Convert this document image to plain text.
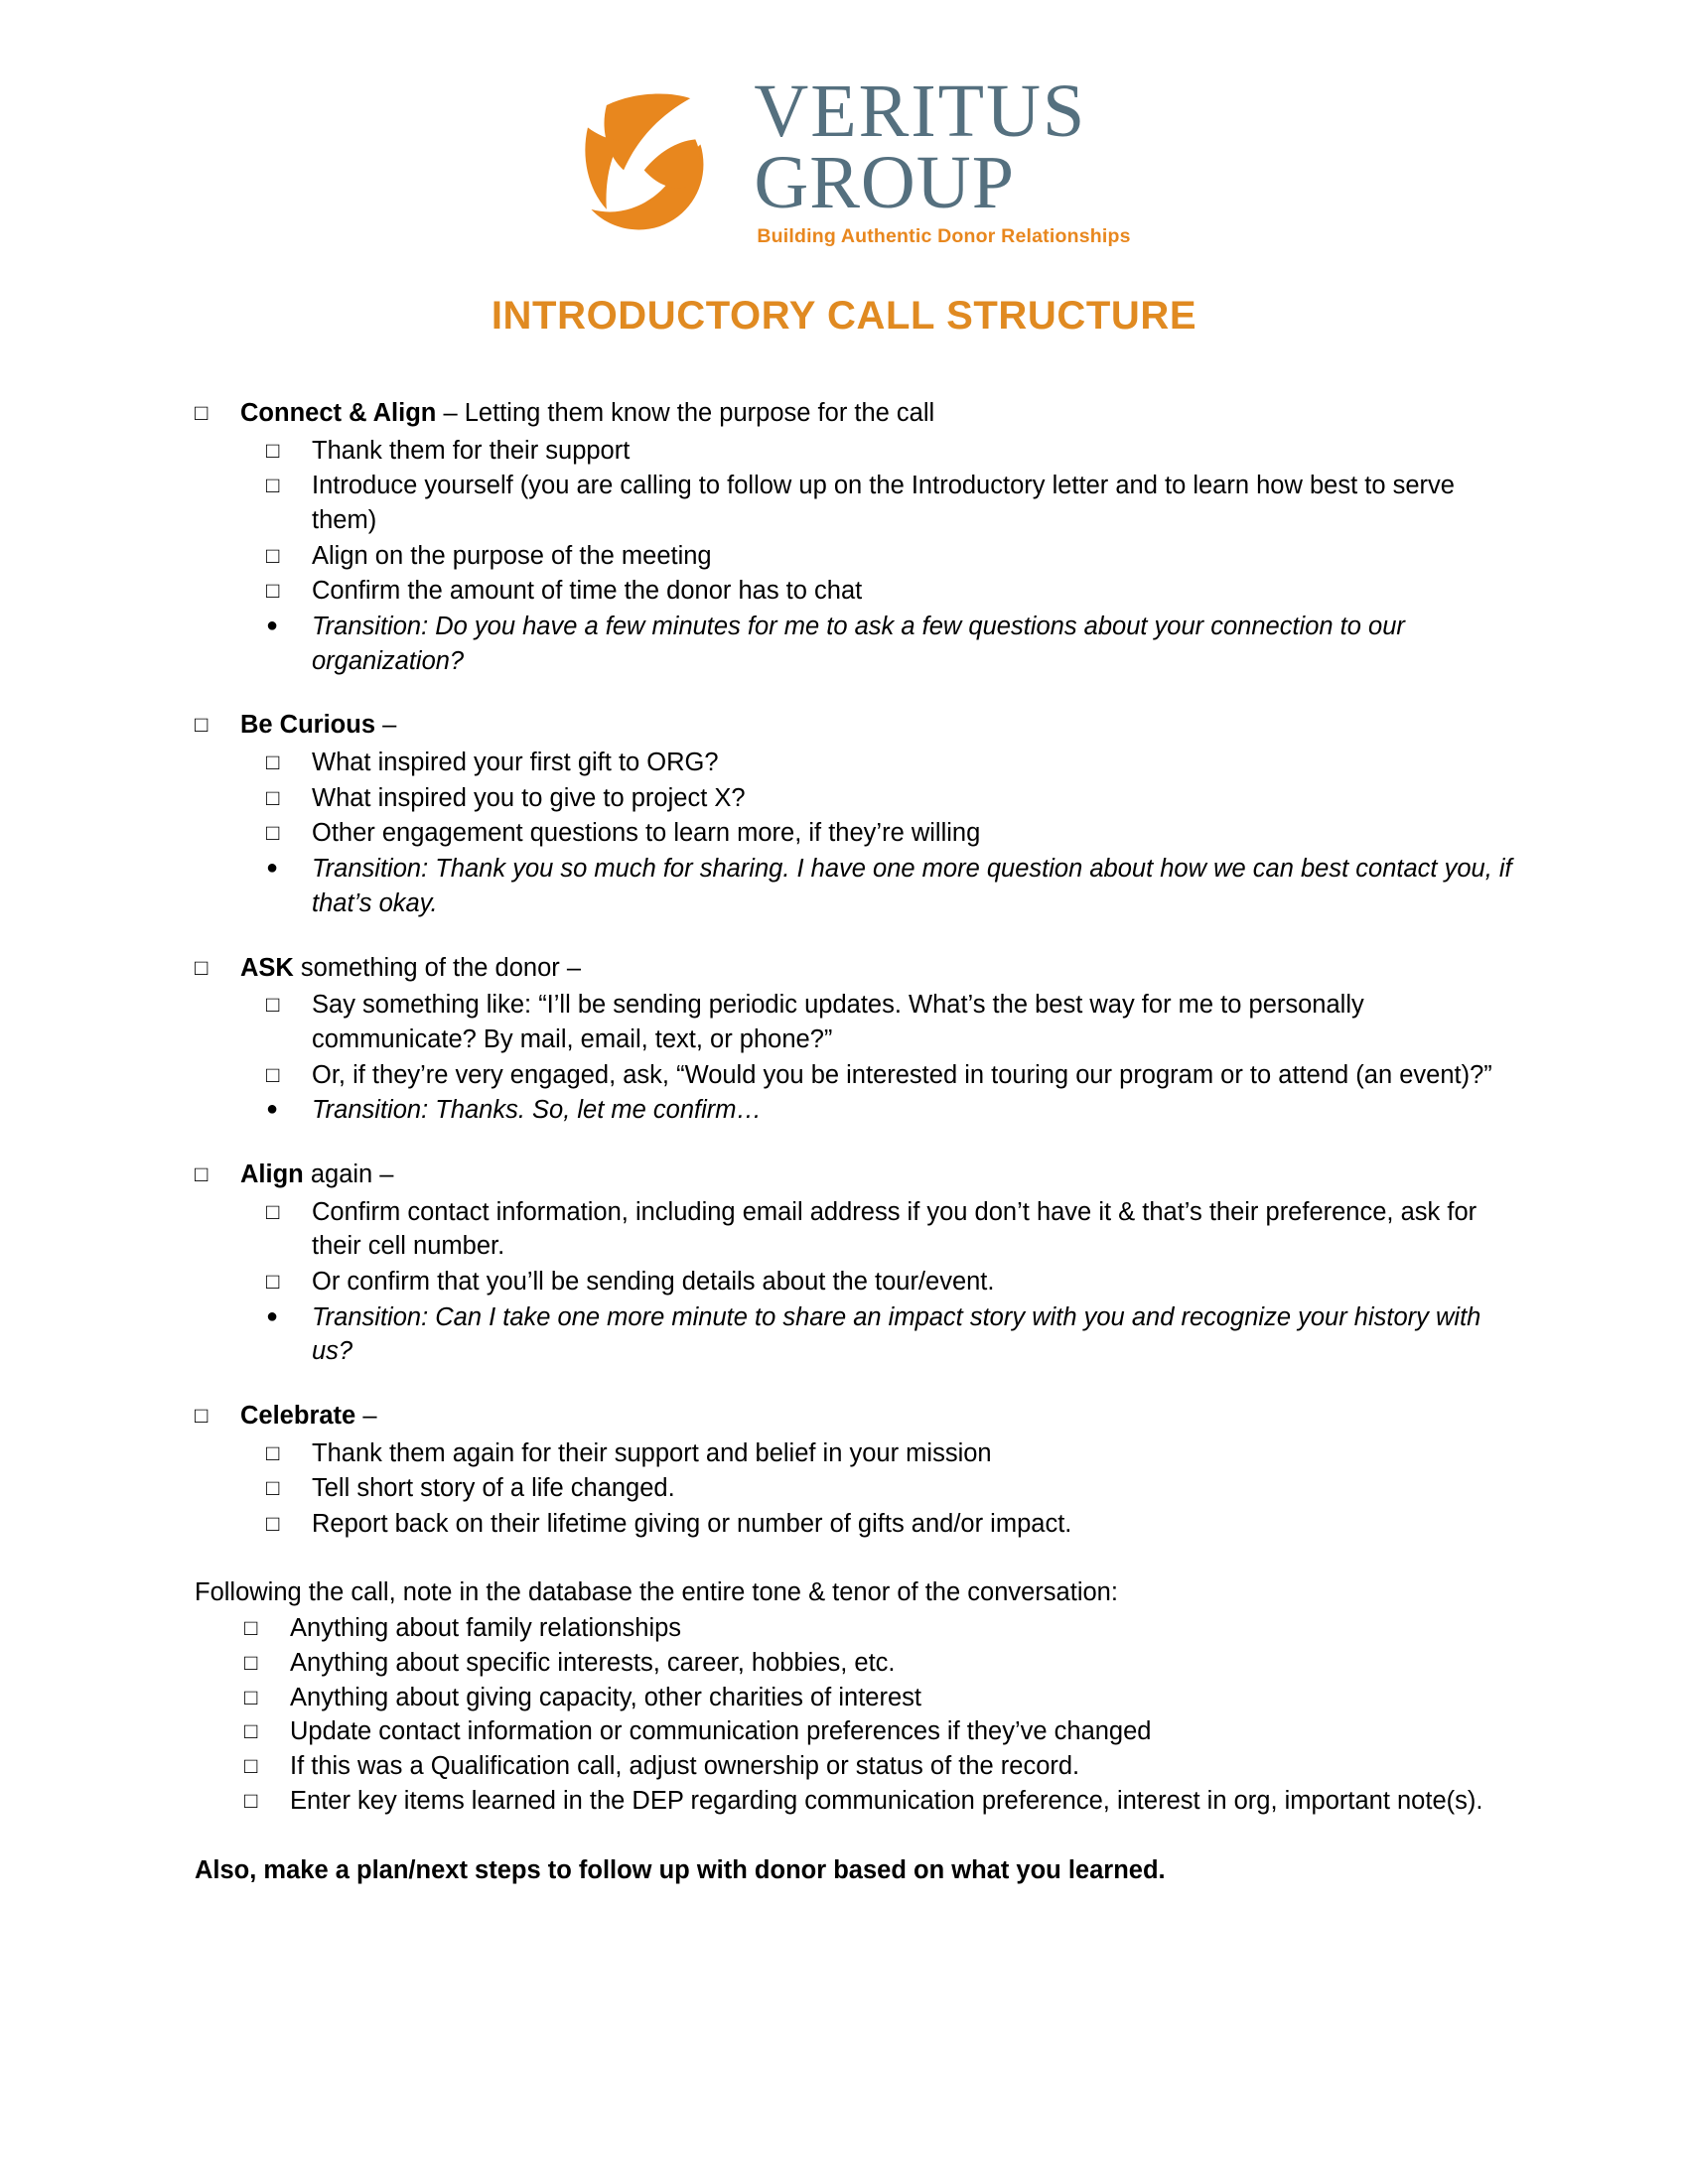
VERITUS
GROUP
Building Authentic Donor Relationships
INTRODUCTORY CALL STRUCTURE
□	Connect & Align – Letting them know the purpose for the call
□	Thank them for their support
□	Introduce yourself (you are calling to follow up on the Introductory letter and to learn how best to serve them)
□	Align on the purpose of the meeting
□	Confirm the amount of time the donor has to chat
●	Transition: Do you have a few minutes for me to ask a few questions about your connection to our organization?
□	Be Curious –
□	What inspired your first gift to ORG?
□	What inspired you to give to project X?
□	Other engagement questions to learn more, if they’re willing
●	Transition: Thank you so much for sharing. I have one more question about how we can best contact you, if that’s okay.
□	ASK something of the donor –
□	Say something like: “I’ll be sending periodic updates. What’s the best way for me to personally communicate? By mail, email, text, or phone?”
□	Or, if they’re very engaged, ask, “Would you be interested in touring our program or to attend (an event)?”
●	Transition: Thanks. So, let me confirm…
□	Align again –
□	Confirm contact information, including email address if you don’t have it & that’s their preference, ask for their cell number.
□	Or confirm that you’ll be sending details about the tour/event.
●	Transition: Can I take one more minute to share an impact story with you and recognize your history with us?
□	Celebrate –
□	Thank them again for their support and belief in your mission
□	Tell short story of a life changed.
□	Report back on their lifetime giving or number of gifts and/or impact.
Following the call, note in the database the entire tone & tenor of the conversation:
□	Anything about family relationships
□	Anything about specific interests, career, hobbies, etc.
□	Anything about giving capacity, other charities of interest
□	Update contact information or communication preferences if they’ve changed
□	If this was a Qualification call, adjust ownership or status of the record.
□	Enter key items learned in the DEP regarding communication preference, interest in org, important note(s).
Also, make a plan/next steps to follow up with donor based on what you learned.
